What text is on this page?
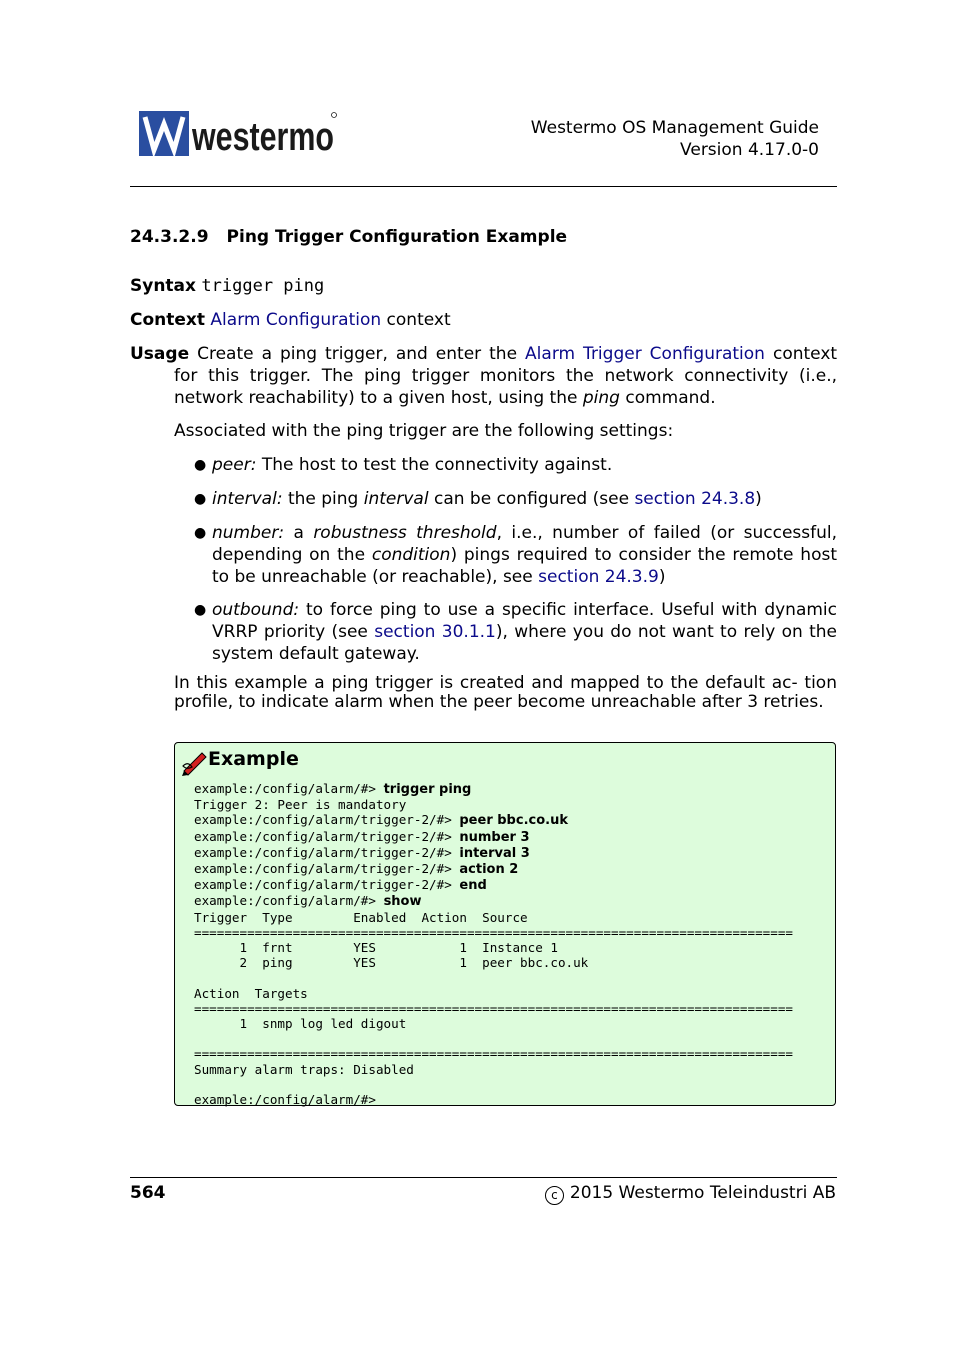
westermo	Westermo OS Management Guide
Version 4.17.0-0
24.3.2.9 Ping Trigger Configuration Example
Syntax trigger ping
Context Alarm Configuration context
Usage Create a ping trigger, and enter the Alarm Trigger Configuration context
for this trigger. The ping trigger monitors the network connectivity (i.e.,
network reachability) to a given host, using the ping command.
Associated with the ping trigger are the following settings:
● peer: The host to test the connectivity against.
● interval: the ping interval can be configured (see section 24.3.8)
● number: a robustness threshold, i.e., number of failed (or successful, depending on the condition) pings required to consider the remote host to be unreachable (or reachable), see section 24.3.9)
● outbound: to force ping to use a specific interface. Useful with dynamic VRRP priority (see section 30.1.1), where you do not want to rely on the system default gateway.
In this example a ping trigger is created and mapped to the default ac- tion profile, to indicate alarm when the peer become unreachable after 3 retries.
Example
example:/config/alarm/#> trigger ping
Trigger 2: Peer is mandatory
example:/config/alarm/trigger-2/#> peer bbc.co.uk
example:/config/alarm/trigger-2/#> number 3
example:/config/alarm/trigger-2/#> interval 3
example:/config/alarm/trigger-2/#> action 2
example:/config/alarm/trigger-2/#> end
example:/config/alarm/#> show
Trigger  Type        Enabled  Action  Source
===============================================================================
1  frnt        YES           1  Instance 1
2  ping        YES           1  peer bbc.co.uk

Action  Targets
===============================================================================
1  snmp log led digout

===============================================================================
Summary alarm traps: Disabled

example:/config/alarm/#>
564	c 2015 Westermo Teleindustri AB
